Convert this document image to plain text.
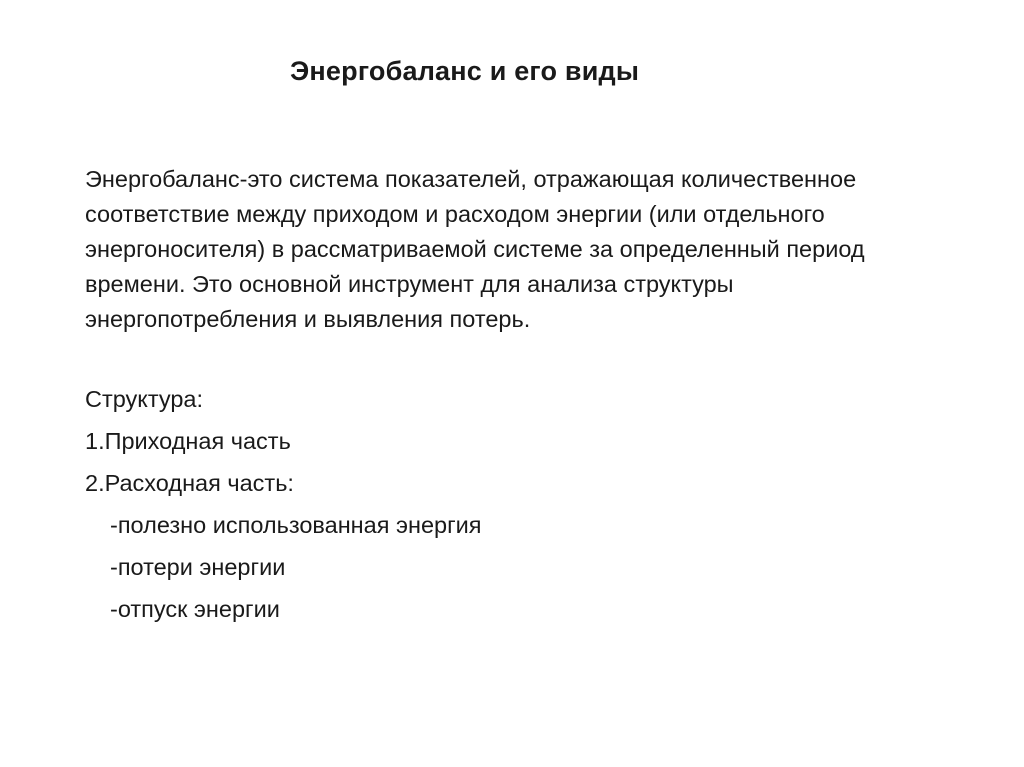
Энергобаланс и его виды
Энергобаланс-это система показателей, отражающая количественное
соответствие между приходом и расходом энергии (или отдельного
энергоносителя) в рассматриваемой системе за определенный период
времени. Это основной инструмент для анализа структуры
энергопотребления и выявления потерь.
Структура:
1.Приходная часть
2.Расходная часть:
-полезно использованная энергия
-потери энергии
-отпуск энергии
